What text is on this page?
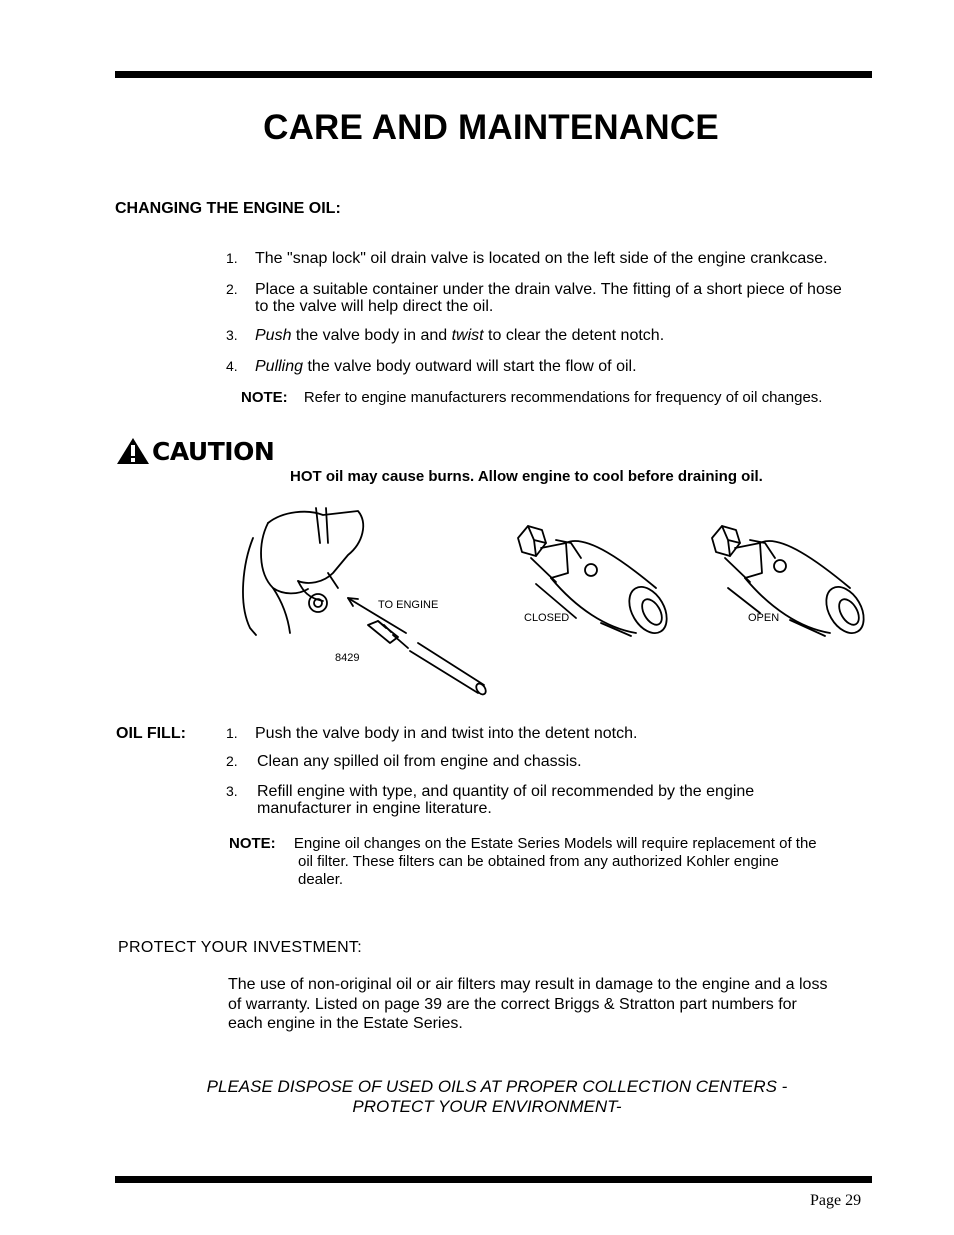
CARE AND MAINTENANCE
CHANGING THE ENGINE OIL:
1.	The "snap lock" oil drain valve is located on the left side of the engine crankcase.
2.	Place a suitable container under the drain valve. The fitting of a short piece of hose to the valve will help direct the oil.
3.	Push the valve body in and twist to clear the detent notch.
4.	Pulling the valve body outward will start the flow of oil.
NOTE: Refer to engine manufacturers recommendations for frequency of oil changes.
CAUTION
HOT oil may cause burns. Allow engine to cool before draining oil.
TO ENGINE
8429
CLOSED	OPEN
OIL FILL:	1.	Push the valve body in and twist into the detent notch.
2.	Clean any spilled oil from engine and chassis.
3.	Refill engine with type, and quantity of oil recommended by the engine manufacturer in engine literature.
NOTE: Engine oil changes on the Estate Series Models will require replacement of the
oil filter. These filters can be obtained from any authorized Kohler engine
dealer.
PROTECT YOUR INVESTMENT:
The use of non-original oil or air filters may result in damage to the engine and a loss
of warranty. Listed on page 39 are the correct Briggs & Stratton part numbers for
each engine in the Estate Series.
PLEASE DISPOSE OF USED OILS AT PROPER COLLECTION CENTERS -
PROTECT YOUR ENVIRONMENT-
Page 29
